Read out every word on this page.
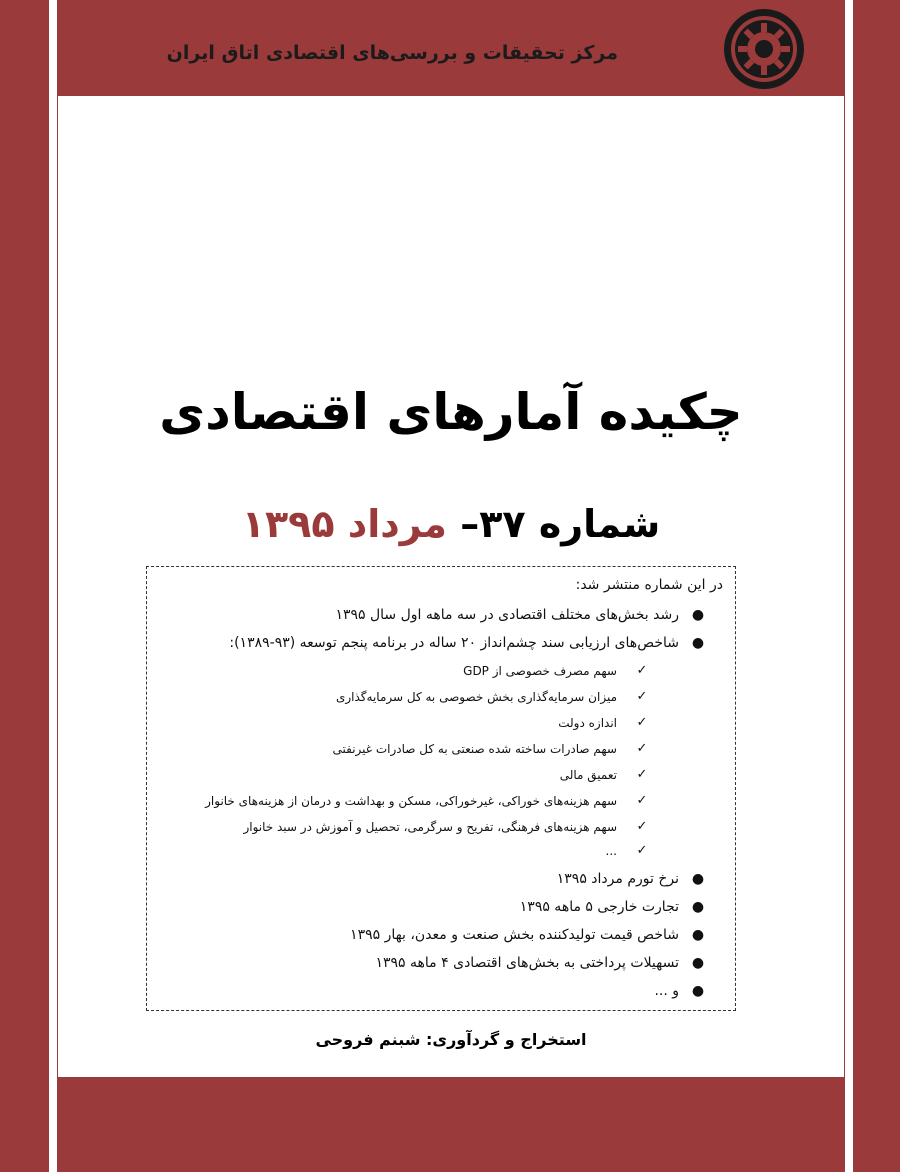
مرکز تحقیقات و بررسی‌های اقتصادی اتاق ایران
چکیده آمارهای اقتصادی
شماره ۳۷– مرداد ۱۳۹۵
در این شماره منتشر شد:
●
رشد بخش‌های مختلف اقتصادی در سه ماهه اول سال ۱۳۹۵
●
شاخص‌های ارزیابی سند چشم‌انداز ۲۰ ساله در برنامه پنجم توسعه (۹۳-۱۳۸۹):
✓
سهم مصرف خصوصی از GDP
✓
میزان سرمایه‌گذاری بخش خصوصی به کل سرمایه‌گذاری
✓
اندازه دولت
✓
سهم صادرات ساخته شده صنعتی به کل صادرات غیرنفتی
✓
تعمیق مالی
✓
سهم هزینه‌های خوراکی، غیرخوراکی، مسکن و بهداشت و درمان از هزینه‌های خانوار
✓
سهم هزینه‌های فرهنگی، تفریح و سرگرمی، تحصیل و آموزش در سبد خانوار
✓
...
●
نرخ تورم مرداد ۱۳۹۵
●
تجارت خارجی ۵ ماهه ۱۳۹۵
●
شاخص قیمت تولیدکننده بخش صنعت و معدن، بهار ۱۳۹۵
●
تسهیلات پرداختی به بخش‌های اقتصادی ۴ ماهه ۱۳۹۵
●
و ...
استخراج و گردآوری: شبنم فروحی
